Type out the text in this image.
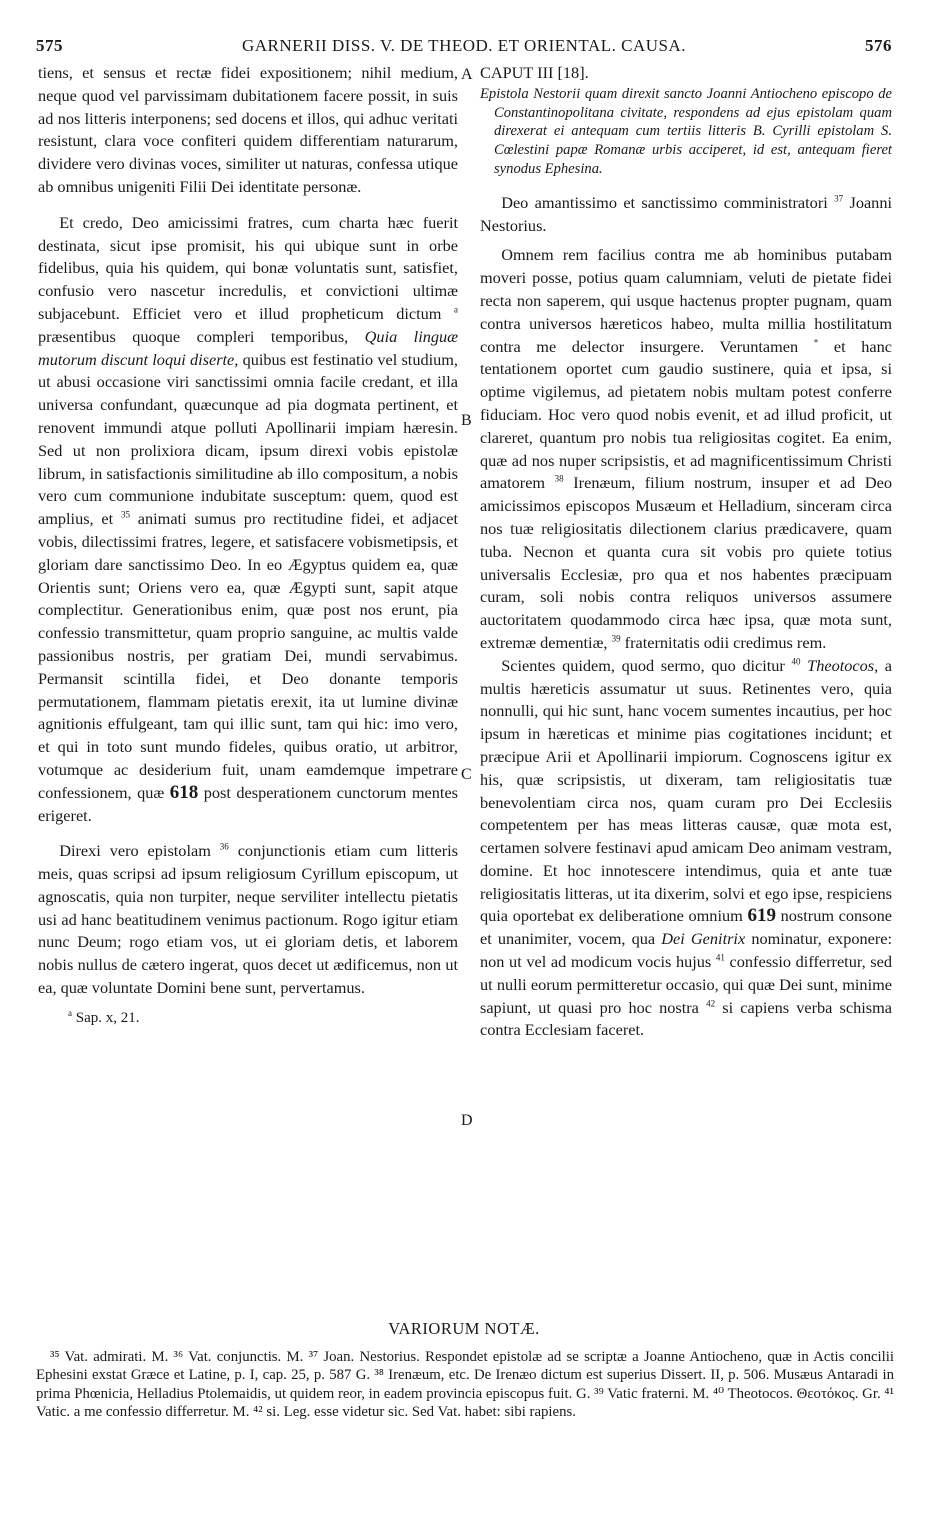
575	GARNERII DISS. V. DE THEOD. ET ORIENTAL. CAUSA.	576
A
B
C
D

tiens, et sensus et rectæ fidei expositionem; nihil medium, neque quod vel parvissimam dubitationem facere possit, in suis ad nos litteris interponens; sed docens et illos, qui adhuc veritati resistunt, clara voce confiteri quidem differentiam naturarum, dividere vero divinas voces, similiter ut naturas, confessa utique ab omnibus unigeniti Filii Dei identitate personæ.

Et credo, Deo amicissimi fratres, cum charta hæc fuerit destinata, sicut ipse promisit, his qui ubique sunt in orbe fidelibus, quia his quidem, qui bonæ voluntatis sunt, satisfiet, confusio vero nascetur incredulis, et convictioni ultimæ subjacebunt. Efficiet vero et illud propheticum dictum $^a$ præsentibus quoque compleri temporibus, Quia linguæ mutorum discunt loqui diserte, quibus est festinatio vel studium, ut abusi occasione viri sanctissimi omnia facile credant, et illa universa confundant, quæcunque ad pia dogmata pertinent, et renovent immundi atque polluti Apollinarii impiam hæresin. Sed ut non prolixiora dicam, ipsum direxi vobis epistolæ librum, in satisfactionis similitudine ab illo compositum, a nobis vero cum communione indubitate susceptum: quem, quod est amplius, et $^{35}$ animati sumus pro rectitudine fidei, et adjacet vobis, dilectissimi fratres, legere, et satisfacere vobismetipsis, et gloriam dare sanctissimo Deo. In eo Ægyptus quidem ea, quæ Orientis sunt; Oriens vero ea, quæ Ægypti sunt, sapit atque complectitur. Generationibus enim, quæ post nos erunt, pia confessio transmittetur, quam proprio sanguine, ac multis valde passionibus nostris, per gratiam Dei, mundi servabimus. Permansit scintilla fidei, et Deo donante temporis permutationem, flammam pietatis erexit, ita ut lumine divinæ agnitionis effulgeant, tam qui illic sunt, tam qui hic: imo vero, et qui in toto sunt mundo fideles, quibus oratio, ut arbitror, votumque ac desiderium fuit, unam eamdemque impetrare confessionem, quæ 618 post desperationem cunctorum mentes erigeret.

Direxi vero epistolam $^{36}$ conjunctionis etiam cum litteris meis, quas scripsi ad ipsum religiosum Cyrillum episcopum, ut agnoscatis, quia non turpiter, neque serviliter intellectu pietatis usi ad hanc beatitudinem venimus pactionum. Rogo igitur etiam nunc Deum; rogo etiam vos, ut ei gloriam detis, et laborem nobis nullus de cætero ingerat, quos decet ut ædificemus, non ut ea, quæ voluntate Domini bene sunt, pervertamus.

$^a$ Sap. x, 21.

CAPUT III [18].

Epistola Nestorii quam direxit sancto Joanni Antiocheno episcopo de Constantinopolitana civitate, respondens ad ejus epistolam quam direxerat ei antequam cum tertiis litteris B. Cyrilli epistolam S. Cœlestini papæ Romanæ urbis acciperet, id est, antequam fieret synodus Ephesina.

Deo amantissimo et sanctissimo comministratori $^{37}$ Joanni Nestorius.

Omnem rem facilius contra me ab hominibus putabam moveri posse, potius quam calumniam, veluti de pietate fidei recta non saperem, qui usque hactenus propter pugnam, quam contra universos hæreticos habeo, multa millia hostilitatum contra me delector insurgere. Veruntamen * et hanc tentationem oportet cum gaudio sustinere, quia et ipsa, si optime vigilemus, ad pietatem nobis multam potest conferre fiduciam. Hoc vero quod nobis evenit, et ad illud proficit, ut clareret, quantum pro nobis tua religiositas cogitet. Ea enim, quæ ad nos nuper scripsistis, et ad magnificentissimum Christi amatorem $^{38}$ Irenæum, filium nostrum, insuper et ad Deo amicissimos episcopos Musæum et Helladium, sinceram circa nos tuæ religiositatis dilectionem clarius prædicavere, quam tuba. Necnon et quanta cura sit vobis pro quiete totius universalis Ecclesiæ, pro qua et nos habentes præcipuam curam, soli nobis contra reliquos universos assumere auctoritatem quodammodo circa hæc ipsa, quæ mota sunt, extremæ dementiæ, $^{39}$ fraternitatis odii credimus rem.

Scientes quidem, quod sermo, quo dicitur $^{40}$ Theotocos, a multis hæreticis assumatur ut suus. Retinentes vero, quia nonnulli, qui hic sunt, hanc vocem sumentes incautius, per hoc ipsum in hæreticas et minime pias cogitationes incidunt; et præcipue Arii et Apollinarii impiorum. Cognoscens igitur ex his, quæ scripsistis, ut dixeram, tam religiositatis tuæ benevolentiam circa nos, quam curam pro Dei Ecclesiis competentem per has meas litteras causæ, quæ mota est, certamen solvere festinavi apud amicam Deo animam vestram, domine. Et hoc innotescere intendimus, quia et ante tuæ religiositatis litteras, ut ita dixerim, solvi et ego ipse, respiciens quia oportebat ex deliberatione omnium 619 nostrum consone et unanimiter, vocem, qua Dei Genitrix nominatur, exponere: non ut vel ad modicum vocis hujus $^{41}$ confessio differretur, sed ut nulli eorum permitteretur occasio, qui quæ Dei sunt, minime sapiunt, ut quasi pro hoc nostra $^{42}$ si capiens verba schisma contra Ecclesiam faceret.

VARIORUM NOTÆ.

³⁵ Vat. admirati. M. ³⁶ Vat. conjunctis. M. ³⁷ Joan. Nestorius. Respondet epistolæ ad se scriptæ a Joanne Antiocheno, quæ in Actis concilii Ephesini exstat Græce et Latine, p. I, cap. 25, p. 587 G. ³⁸ Irenæum, etc. De Irenæo dictum est superius Dissert. II, p. 506. Musæus Antaradi in prima Phœnicia, Helladius Ptolemaidis, ut quidem reor, in eadem provincia episcopus fuit. G. ³⁹ Vatic fraterni. M. ⁴⁰ Theotocos. Θεοτόκος. Gr. ⁴¹ Vatic. a me confessio differretur. M. ⁴² si. Leg. esse videtur sic. Sed Vat. habet: sibi rapiens.
